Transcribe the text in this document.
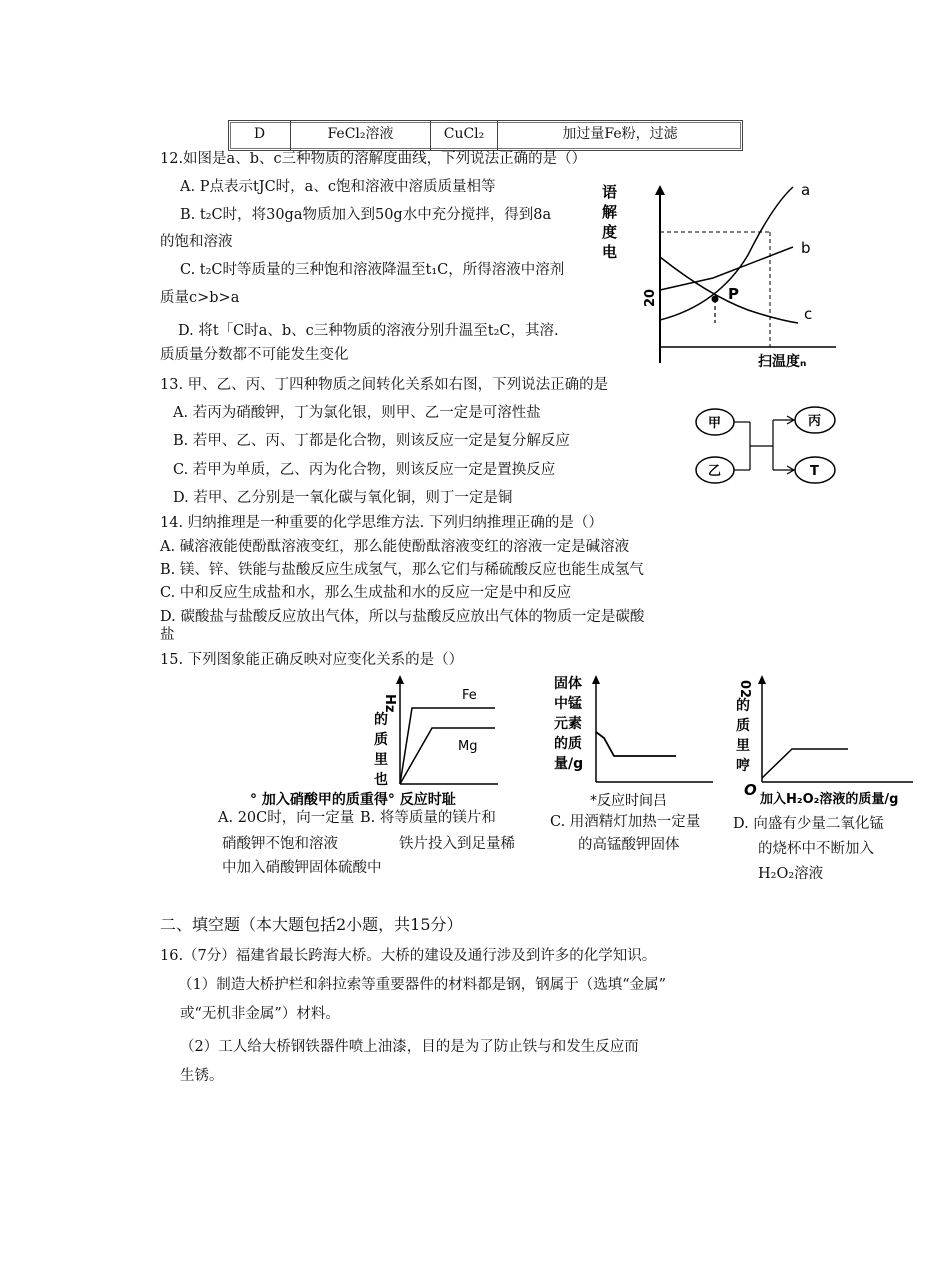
D	FeCl₂溶液	CuCl₂	加过量Fe粉，过滤
12.如图是a、b、c三种物质的溶解度曲线，下列说法正确的是（）
A. P点表示tJC时，a、c饱和溶液中溶质质量相等
B. t₂C时，将30ga物质加入到50g水中充分搅拌，得到8a
的饱和溶液
C. t₂C时等质量的三种饱和溶液降温至t₁C，所得溶液中溶剂
质量c>b>a
D. 将t「C时a、b、c三种物质的溶液分别升温至t₂C，其溶.
质质量分数都不可能发生变化
语
解
度
电
20
扫温度ₙ
P
a
b
c
13. 甲、乙、丙、丁四种物质之间转化关系如右图，下列说法正确的是
A. 若丙为硝酸钾，丁为氯化银，则甲、乙一定是可溶性盐
B. 若甲、乙、丙、丁都是化合物，则该反应一定是复分解反应
C. 若甲为单质，乙、丙为化合物，则该反应一定是置换反应
D. 若甲、乙分别是一氧化碳与氧化铜，则丁一定是铜
甲
乙
丙
T
14. 归纳推理是一种重要的化学思维方法. 下列归纳推理正确的是（）
A. 碱溶液能使酚酞溶液变红，那么能使酚酞溶液变红的溶液一定是碱溶液
B. 镁、锌、铁能与盐酸反应生成氢气，那么它们与稀硫酸反应也能生成氢气
C. 中和反应生成盐和水，那么生成盐和水的反应一定是中和反应
D. 碳酸盐与盐酸反应放出气体，所以与盐酸反应放出气体的物质一定是碳酸
盐
15. 下列图象能正确反映对应变化关系的是（）
Hz
的
质
里
也
Fe
Mg
° 加入硝酸甲的质重得° 反应时耻
固体
中锰
元素
的质
量/g
*反应时间吕
02
的
质
里
哼
O
加入H₂O₂溶液的质量/g
A. 20C时，向一定量 B. 将等质量的镁片和
硝酸钾不饱和溶液	铁片投入到足量稀
中加入硝酸钾固体硫酸中
C. 用酒精灯加热一定量
的高锰酸钾固体
D. 向盛有少量二氧化锰
的烧杯中不断加入
H₂O₂溶液
二、填空题（本大题包括2小题，共15分）
16.（7分）福建省最长跨海大桥。大桥的建设及通行涉及到许多的化学知识。
（1）制造大桥护栏和斜拉索等重要器件的材料都是钢，钢属于（选填“金属”
或“无机非金属”）材料。
（2）工人给大桥钢铁器件喷上油漆，目的是为了防止铁与和发生反应而
生锈。
